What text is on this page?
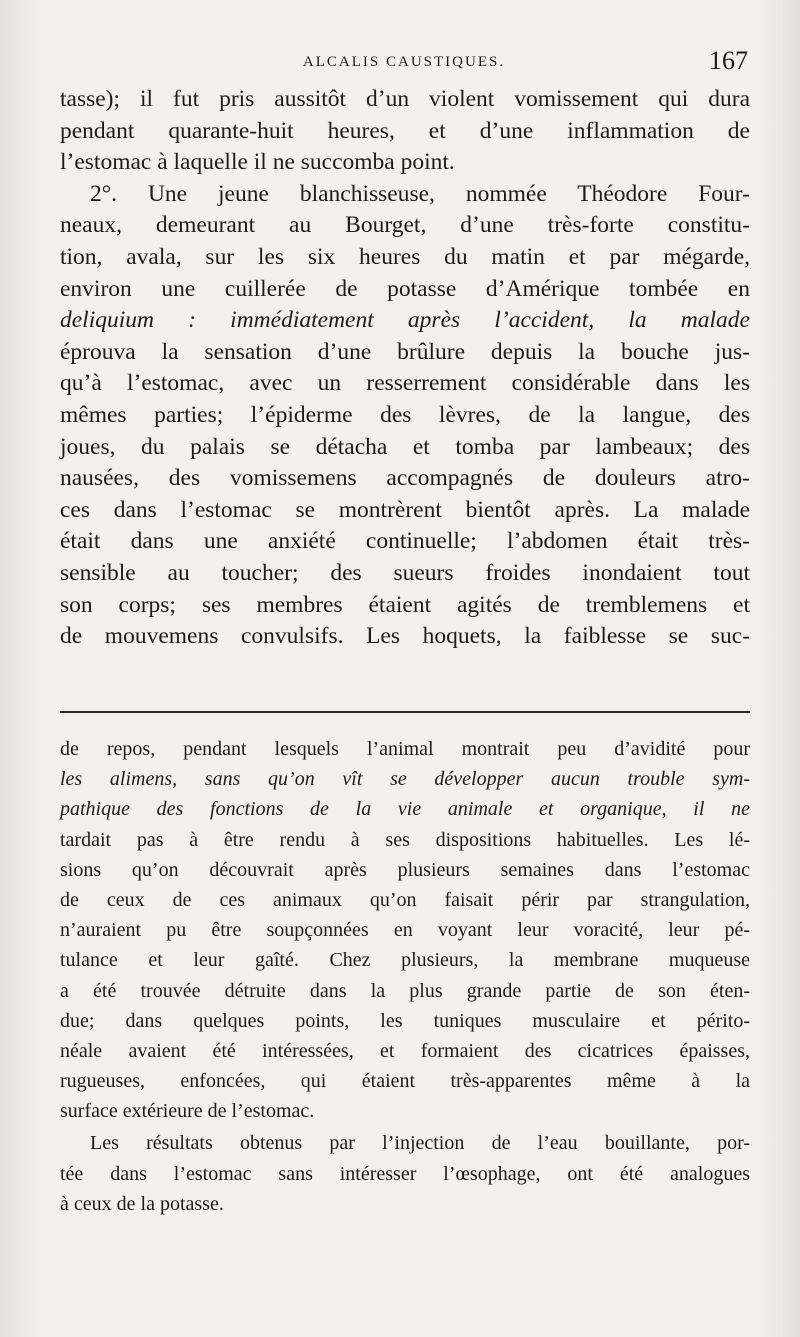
ALCALIS CAUSTIQUES.	167
tasse); il fut pris aussitôt d’un violent vomissement qui dura
pendant quarante-huit heures, et d’une inflammation de
l’estomac à laquelle il ne succomba point.
2°. Une jeune blanchisseuse, nommée Théodore Four-
neaux, demeurant au Bourget, d’une très-forte constitu-
tion, avala, sur les six heures du matin et par mégarde,
environ une cuillerée de potasse d’Amérique tombée en
deliquium : immédiatement après l’accident, la malade
éprouva la sensation d’une brûlure depuis la bouche jus-
qu’à l’estomac, avec un resserrement considérable dans les
mêmes parties; l’épiderme des lèvres, de la langue, des
joues, du palais se détacha et tomba par lambeaux; des
nausées, des vomissemens accompagnés de douleurs atro-
ces dans l’estomac se montrèrent bientôt après. La malade
était dans une anxiété continuelle; l’abdomen était très-
sensible au toucher; des sueurs froides inondaient tout
son corps; ses membres étaient agités de tremblemens et
de mouvemens convulsifs. Les hoquets, la faiblesse se suc-
de repos, pendant lesquels l’animal montrait peu d’avidité pour
les alimens, sans qu’on vît se développer aucun trouble sym-
pathique des fonctions de la vie animale et organique, il ne
tardait pas à être rendu à ses dispositions habituelles. Les lé-
sions qu’on découvrait après plusieurs semaines dans l’estomac
de ceux de ces animaux qu’on faisait périr par strangulation,
n’auraient pu être soupçonnées en voyant leur voracité, leur pé-
tulance et leur gaîté. Chez plusieurs, la membrane muqueuse
a été trouvée détruite dans la plus grande partie de son éten-
due; dans quelques points, les tuniques musculaire et périto-
néale avaient été intéressées, et formaient des cicatrices épaisses,
rugueuses, enfoncées, qui étaient très-apparentes même à la
surface extérieure de l’estomac.
Les résultats obtenus par l’injection de l’eau bouillante, por-
tée dans l’estomac sans intéresser l’œsophage, ont été analogues
à ceux de la potasse.
